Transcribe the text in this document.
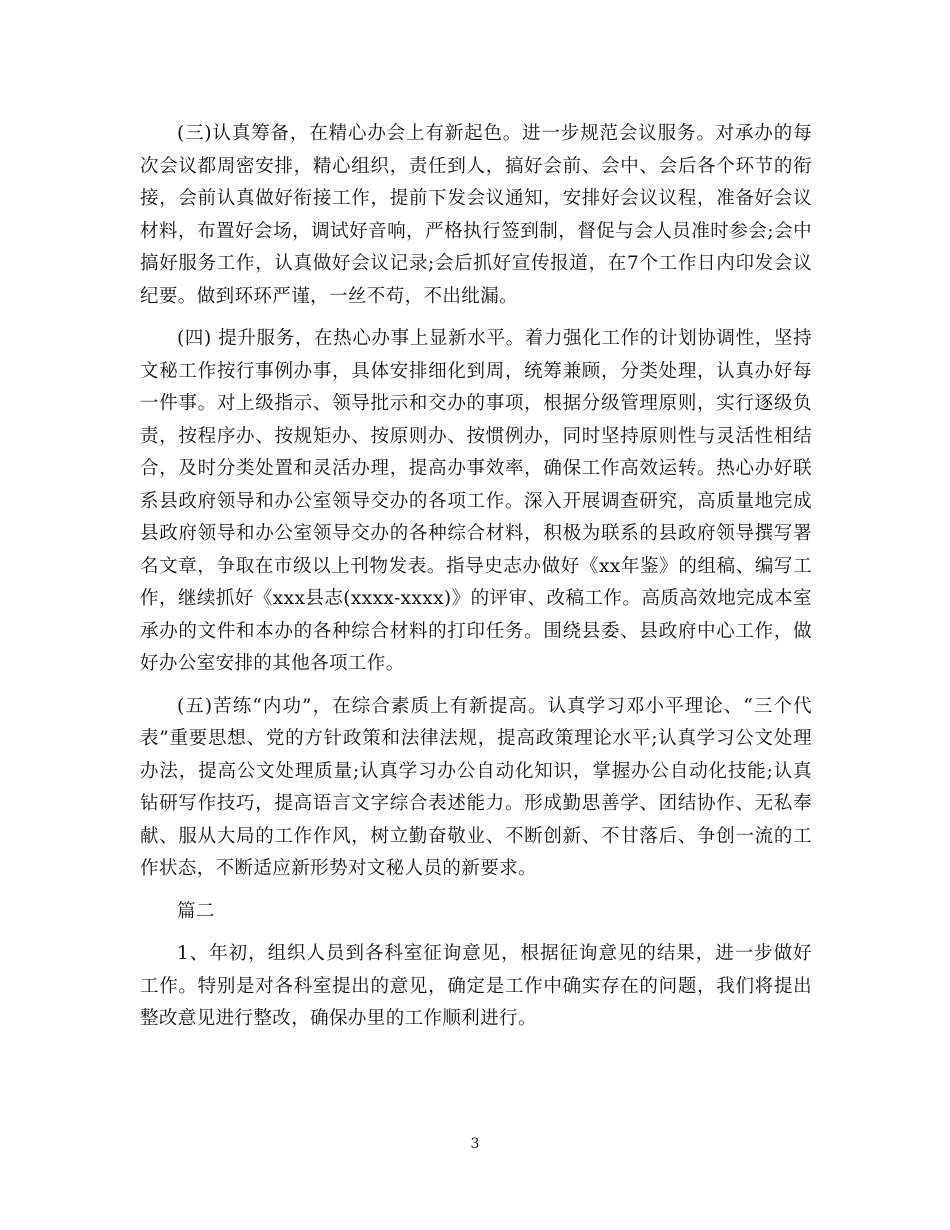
(三)认真筹备，在精心办会上有新起色。进一步规范会议服务。对承办的每次会议都周密安排，精心组织，责任到人，搞好会前、会中、会后各个环节的衔接，会前认真做好衔接工作，提前下发会议通知，安排好会议议程，准备好会议材料，布置好会场，调试好音响，严格执行签到制，督促与会人员准时参会;会中搞好服务工作，认真做好会议记录;会后抓好宣传报道，在7个工作日内印发会议纪要。做到环环严谨，一丝不苟，不出纰漏。

(四) 提升服务，在热心办事上显新水平。着力强化工作的计划协调性，坚持文秘工作按行事例办事，具体安排细化到周，统筹兼顾，分类处理，认真办好每一件事。对上级指示、领导批示和交办的事项，根据分级管理原则，实行逐级负责，按程序办、按规矩办、按原则办、按惯例办，同时坚持原则性与灵活性相结合，及时分类处置和灵活办理，提高办事效率，确保工作高效运转。热心办好联系县政府领导和办公室领导交办的各项工作。深入开展调查研究，高质量地完成县政府领导和办公室领导交办的各种综合材料，积极为联系的县政府领导撰写署名文章，争取在市级以上刊物发表。指导史志办做好《xx年鉴》的组稿、编写工作，继续抓好《xxx县志(xxxx-xxxx)》的评审、改稿工作。高质高效地完成本室承办的文件和本办的各种综合材料的打印任务。围绕县委、县政府中心工作，做好办公室安排的其他各项工作。

(五)苦练“内功”，在综合素质上有新提高。认真学习邓小平理论、“三个代表”重要思想、党的方针政策和法律法规，提高政策理论水平;认真学习公文处理办法，提高公文处理质量;认真学习办公自动化知识，掌握办公自动化技能;认真钻研写作技巧，提高语言文字综合表述能力。形成勤思善学、团结协作、无私奉献、服从大局的工作作风，树立勤奋敬业、不断创新、不甘落后、争创一流的工作状态，不断适应新形势对文秘人员的新要求。

篇二

1、年初，组织人员到各科室征询意见，根据征询意见的结果，进一步做好工作。特别是对各科室提出的意见，确定是工作中确实存在的问题，我们将提出整改意见进行整改，确保办里的工作顺利进行。

3
